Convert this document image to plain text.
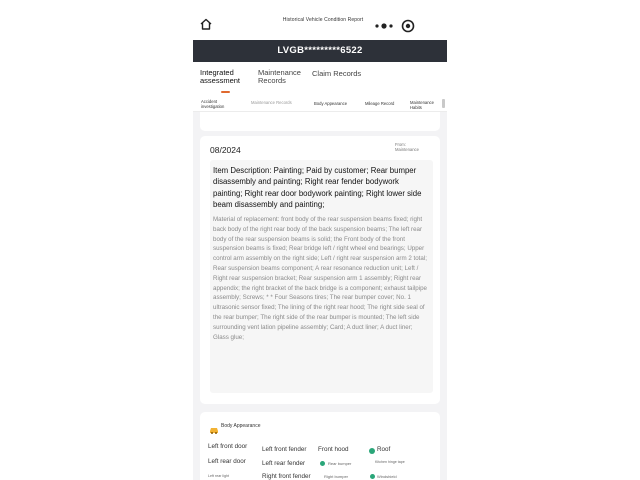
Historical Vehicle Condition Report
LVGB*********6522
Integrated
assessment
Maintenance
Records
Claim Records
Accident
investigation
Maintenance Records	Body Appearance	Mileage Record	Maintenance
Habits
08/2024
From:
Maintenance
Item Description: Painting; Paid by customer; Rear bumper disassembly and painting; Right rear fender bodywork painting; Right rear door bodywork painting; Right lower side beam disassembly and painting;
Material of replacement: front body of the rear suspension beams fixed; right back body of the right rear body of the back suspension beams; The left rear body of the rear suspension beams is solid; the Front body of the front suspension beams is fixed; Rear bridge left / right wheel end bearings; Upper control arm assembly on the right side; Left / right rear suspension arm 2 total; Rear suspension beams component; A rear resonance reduction unit; Left / Right rear suspension bracket; Rear suspension arm 1 assembly; Right rear appendix; the right bracket of the back bridge is a component; exhaust tailpipe assembly; Screws; * * Four Seasons tires; The rear bumper cover; No. 1 ultrasonic sensor fixed; The lining of the right rear hood; The right side seal of the rear bumper; The right side of the rear bumper is mounted; The left side surrounding vent lation pipeline assembly; Card; A duct liner; A duct liner; Glass glue;
Body Appearance
Left front door Left front fender Front hood	Roof
Left rear door	Left rear fender	Rear bumper	Kitchen hinge tape
Left rear light	Right front fender	Right bumper	Windshield
